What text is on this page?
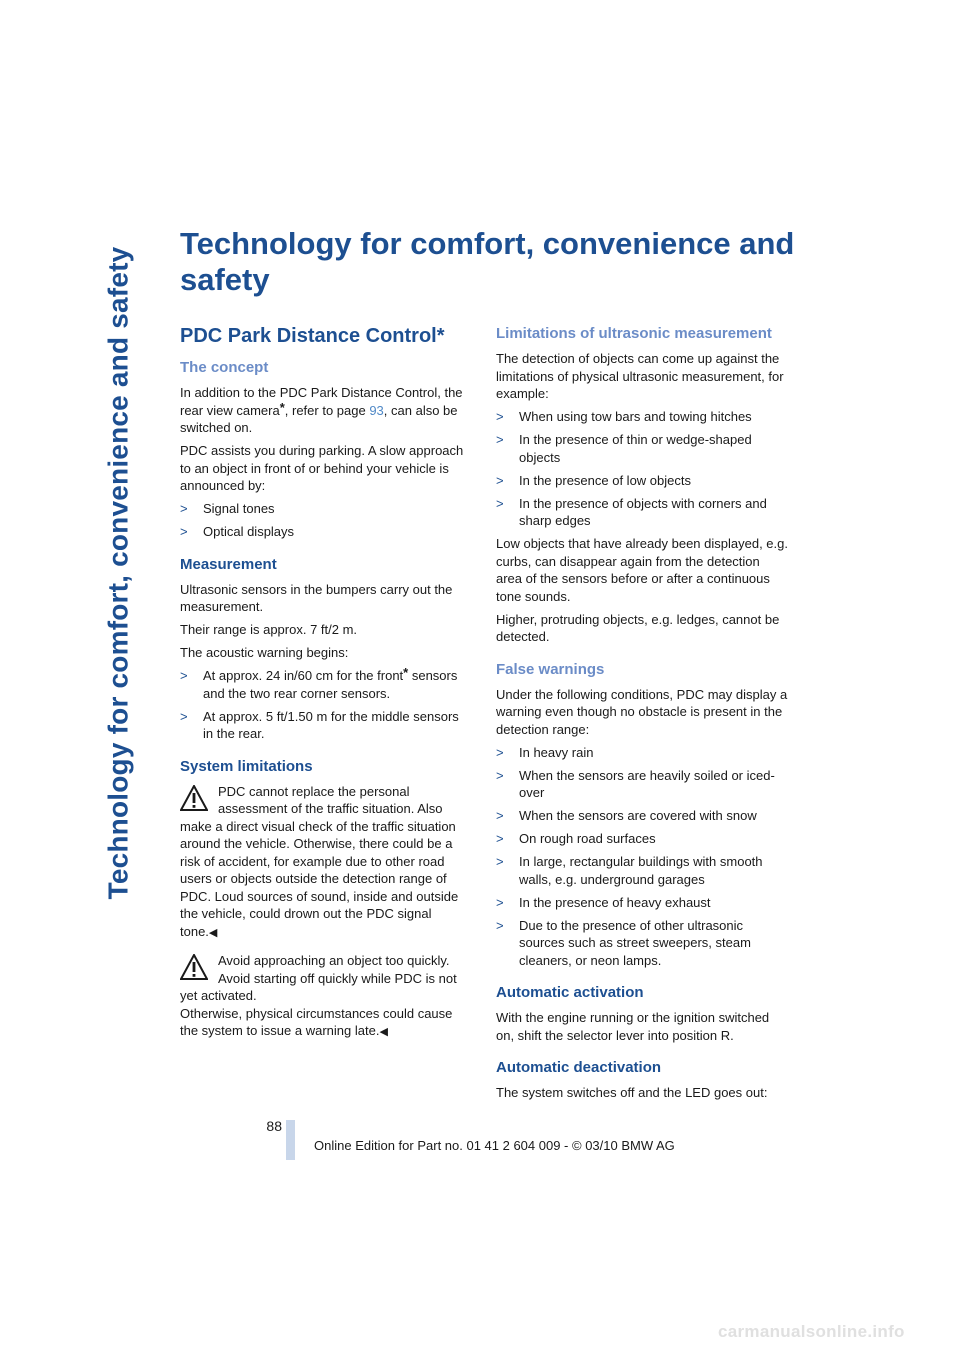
Technology for comfort, convenience and safety
Technology for comfort, convenience and safety
PDC Park Distance Control*
The concept

In addition to the PDC Park Distance Control, the rear view camera*, refer to page 93, can also be switched on.

PDC assists you during parking. A slow approach to an object in front of or behind your vehicle is announced by:

> Signal tones
> Optical displays
Measurement

Ultrasonic sensors in the bumpers carry out the measurement.

Their range is approx. 7 ft/2 m.

The acoustic warning begins:

> At approx. 24 in/60 cm for the front* sensors and the two rear corner sensors.
> At approx. 5 ft/1.50 m for the middle sensors in the rear.
System limitations
PDC cannot replace the personal assessment of the traffic situation. Also make a direct visual check of the traffic situation around the vehicle. Otherwise, there could be a risk of accident, for example due to other road users or objects outside the detection range of PDC. Loud sources of sound, inside and outside the vehicle, could drown out the PDC signal tone.◀
Avoid approaching an object too quickly. Avoid starting off quickly while PDC is not yet activated.
Otherwise, physical circumstances could cause the system to issue a warning late.◀
Limitations of ultrasonic measurement

The detection of objects can come up against the limitations of physical ultrasonic measurement, for example:

> When using tow bars and towing hitches
> In the presence of thin or wedge-shaped objects
> In the presence of low objects
> In the presence of objects with corners and sharp edges

Low objects that have already been displayed, e.g. curbs, can disappear again from the detection area of the sensors before or after a continuous tone sounds.

Higher, protruding objects, e.g. ledges, cannot be detected.

False warnings

Under the following conditions, PDC may display a warning even though no obstacle is present in the detection range:

> In heavy rain
> When the sensors are heavily soiled or iced-over
> When the sensors are covered with snow
> On rough road surfaces
> In large, rectangular buildings with smooth walls, e.g. underground garages
> In the presence of heavy exhaust
> Due to the presence of other ultrasonic sources such as street sweepers, steam cleaners, or neon lamps.
Automatic activation

With the engine running or the ignition switched on, shift the selector lever into position R.

Automatic deactivation

The system switches off and the LED goes out:

88
Online Edition for Part no. 01 41 2 604 009 - © 03/10 BMW AG
carmanualsonline.info
